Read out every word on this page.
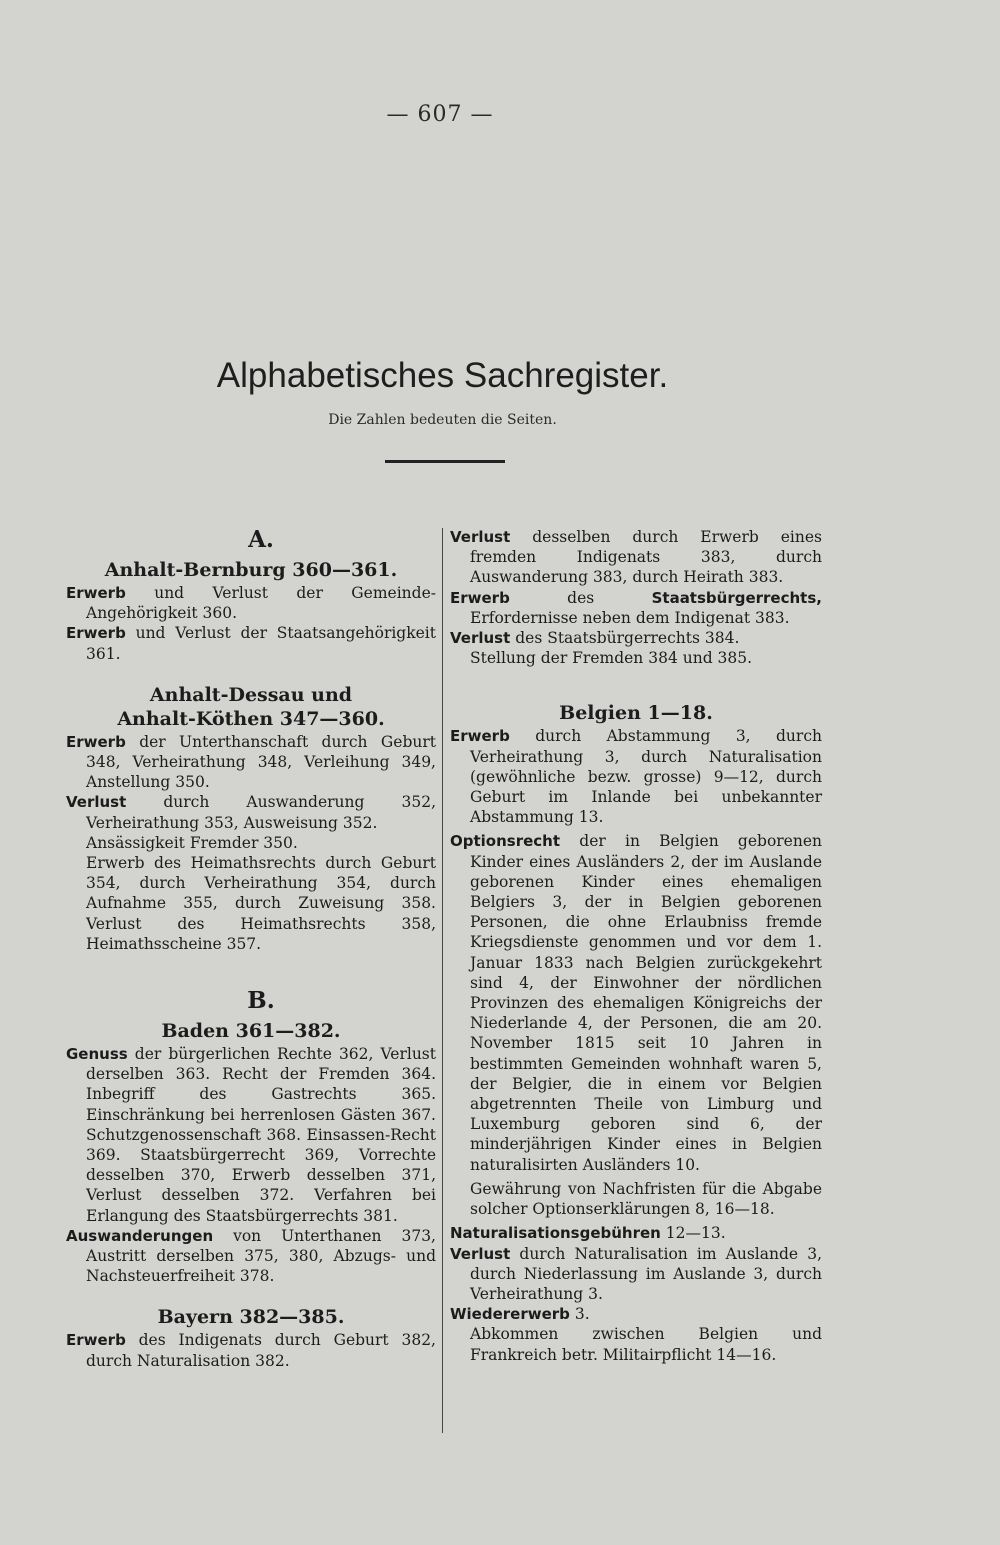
— 607 —
Alphabetisches Sachregister.
Die Zahlen bedeuten die Seiten.
A.
Anhalt-Bernburg 360—361.

Erwerb und Verlust der Gemeinde-Angehörigkeit 360.

Erwerb und Verlust der Staatsangehörigkeit 361.

Anhalt-Dessau und
Anhalt-Köthen 347—360.

Erwerb der Unterthanschaft durch Geburt 348, Verheirathung 348, Verleihung 349, Anstellung 350.

Verlust durch Auswanderung 352, Verheirathung 353, Ausweisung 352.

Ansässigkeit Fremder 350.

Erwerb des Heimathsrechts durch Geburt 354, durch Verheirathung 354, durch Aufnahme 355, durch Zuweisung 358. Verlust des Heimathsrechts 358, Heimathsscheine 357.

B.
Baden 361—382.

Genuss der bürgerlichen Rechte 362, Verlust derselben 363. Recht der Fremden 364. Inbegriff des Gastrechts 365. Einschränkung bei herrenlosen Gästen 367. Schutzgenossenschaft 368. Einsassen-Recht 369. Staatsbürgerrecht 369, Vorrechte desselben 370, Erwerb desselben 371, Verlust desselben 372. Verfahren bei Erlangung des Staatsbürgerrechts 381.

Auswanderungen von Unterthanen 373, Austritt derselben 375, 380, Abzugs- und Nachsteuerfreiheit 378.

Bayern 382—385.

Erwerb des Indigenats durch Geburt 382, durch Naturalisation 382.

Verlust desselben durch Erwerb eines fremden Indigenats 383, durch Auswanderung 383, durch Heirath 383.

Erwerb	des	Staatsbürgerrechts, Erfordernisse neben dem Indigenat 383.

Verlust des Staatsbürgerrechts 384.

Stellung der Fremden 384 und 385.

Belgien 1—18.

Erwerb durch Abstammung 3, durch Verheirathung 3, durch Naturalisation (gewöhnliche bezw. grosse) 9—12, durch Geburt im Inlande bei unbekannter Abstammung 13.

Optionsrecht der in Belgien geborenen Kinder eines Ausländers 2, der im Auslande geborenen Kinder eines ehemaligen Belgiers 3, der in Belgien geborenen Personen, die ohne Erlaubniss fremde Kriegsdienste genommen und vor dem 1. Januar 1833 nach Belgien zurückgekehrt sind 4, der Einwohner der nördlichen Provinzen des ehemaligen Königreichs der Niederlande 4, der Personen, die am 20. November 1815 seit 10 Jahren in bestimmten Gemeinden wohnhaft waren 5, der Belgier, die in einem vor Belgien abgetrennten Theile von Limburg und Luxemburg geboren sind 6, der minderjährigen Kinder eines in Belgien naturalisirten Ausländers 10.

Gewährung von Nachfristen für die Abgabe solcher Optionserklärungen 8, 16—18.

Naturalisationsgebühren 12—13.

Verlust durch Naturalisation im Auslande 3, durch Niederlassung im Auslande 3, durch Verheirathung 3.

Wiedererwerb 3.

Abkommen zwischen Belgien und Frankreich betr. Militairpflicht 14—16.
